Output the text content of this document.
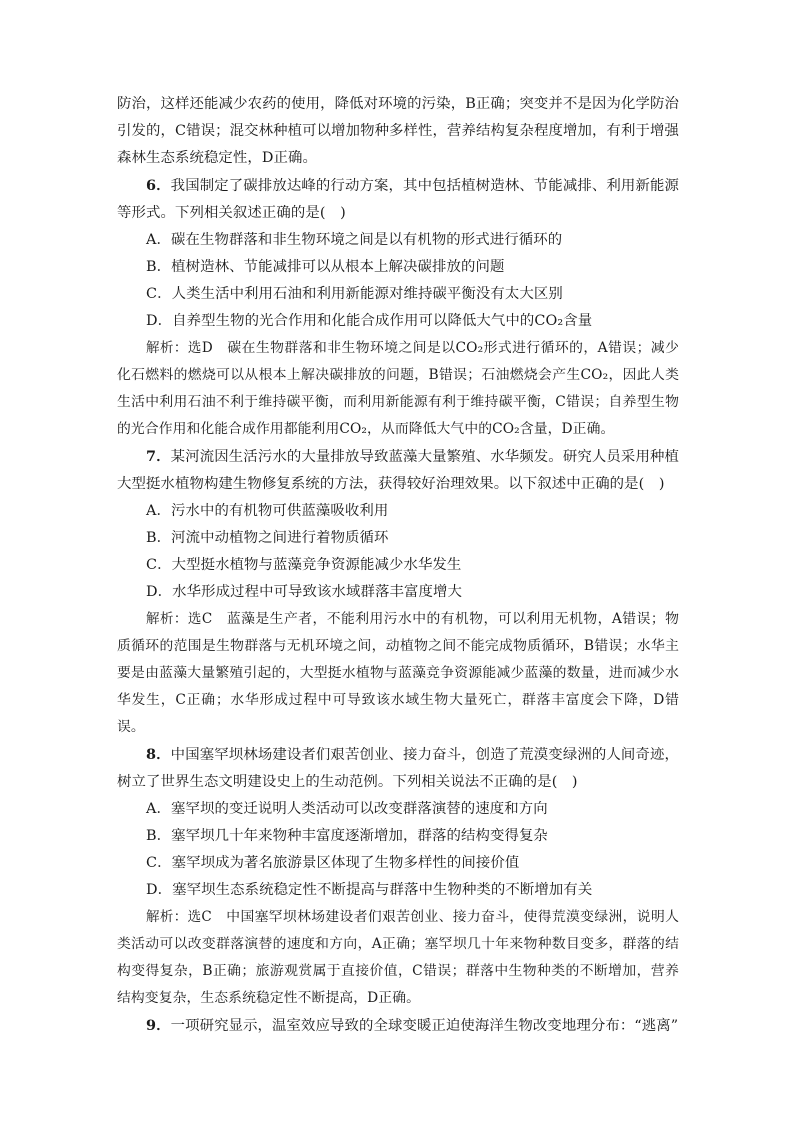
防治，这样还能减少农药的使用，降低对环境的污染，B正确；突变并不是因为化学防治引发的，C错误；混交林种植可以增加物种多样性，营养结构复杂程度增加，有利于增强森林生态系统稳定性，D正确。

6．我国制定了碳排放达峰的行动方案，其中包括植树造林、节能减排、利用新能源等形式。下列相关叙述正确的是(　)

A．碳在生物群落和非生物环境之间是以有机物的形式进行循环的

B．植树造林、节能减排可以从根本上解决碳排放的问题

C．人类生活中利用石油和利用新能源对维持碳平衡没有太大区别

D．自养型生物的光合作用和化能合成作用可以降低大气中的CO₂含量

解析：选D　 碳在生物群落和非生物环境之间是以CO₂形式进行循环的，A错误；减少化石燃料的燃烧可以从根本上解决碳排放的问题，B错误；石油燃烧会产生CO₂，因此人类生活中利用石油不利于维持碳平衡，而利用新能源有利于维持碳平衡，C错误；自养型生物的光合作用和化能合成作用都能利用CO₂，从而降低大气中的CO₂含量，D正确。

7．某河流因生活污水的大量排放导致蓝藻大量繁殖、水华频发。研究人员采用种植大型挺水植物构建生物修复系统的方法，获得较好治理效果。以下叙述中正确的是(　)

A．污水中的有机物可供蓝藻吸收利用

B．河流中动植物之间进行着物质循环

C．大型挺水植物与蓝藻竞争资源能减少水华发生

D．水华形成过程中可导致该水域群落丰富度增大

解析：选C　 蓝藻是生产者，不能利用污水中的有机物，可以利用无机物，A错误；物质循环的范围是生物群落与无机环境之间，动植物之间不能完成物质循环，B错误；水华主要是由蓝藻大量繁殖引起的，大型挺水植物与蓝藻竞争资源能减少蓝藻的数量，进而减少水华发生，C正确；水华形成过程中可导致该水域生物大量死亡，群落丰富度会下降，D错误。

8．中国塞罕坝林场建设者们艰苦创业、接力奋斗，创造了荒漠变绿洲的人间奇迹，树立了世界生态文明建设史上的生动范例。下列相关说法不正确的是(　)

A．塞罕坝的变迁说明人类活动可以改变群落演替的速度和方向

B．塞罕坝几十年来物种丰富度逐渐增加，群落的结构变得复杂

C．塞罕坝成为著名旅游景区体现了生物多样性的间接价值

D．塞罕坝生态系统稳定性不断提高与群落中生物种类的不断增加有关

解析：选C　 中国塞罕坝林场建设者们艰苦创业、接力奋斗，使得荒漠变绿洲，说明人类活动可以改变群落演替的速度和方向，A正确；塞罕坝几十年来物种数目变多，群落的结构变得复杂，B正确；旅游观赏属于直接价值，C错误；群落中生物种类的不断增加，营养结构变复杂，生态系统稳定性不断提高，D正确。

9．一项研究显示，温室效应导致的全球变暖正迫使海洋生物改变地理分布：“逃离”
